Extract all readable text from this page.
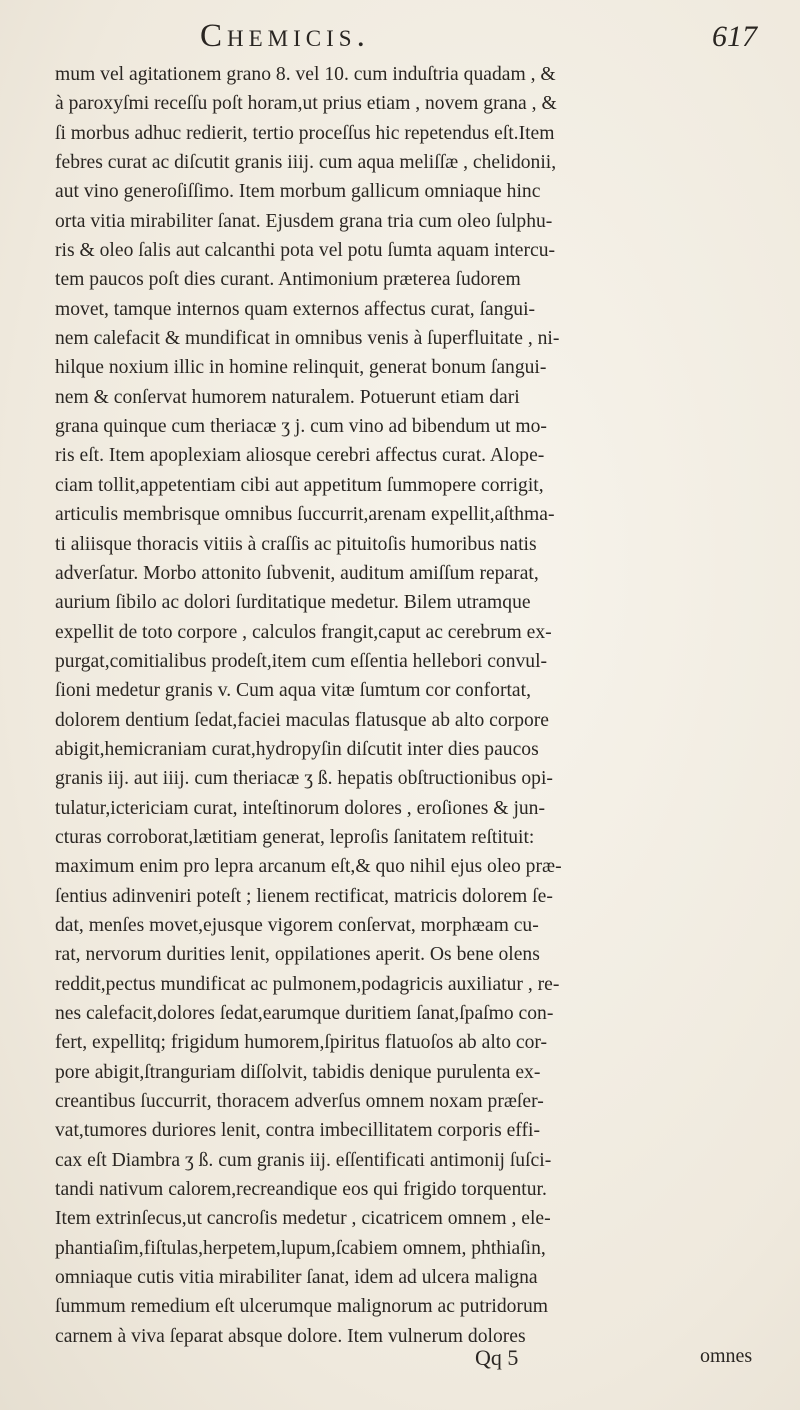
Chemicis.	617
mum vel agitationem grano 8. vel 10. cum induſtria quadam , &
à paroxyſmi receſſu poſt horam,ut prius etiam , novem grana , &
ſi morbus adhuc redierit, tertio proceſſus hic repetendus eſt.Item
febres curat ac diſcutit granis iiij. cum aqua meliſſæ , chelidonii,
aut vino generoſiſſimo. Item morbum gallicum omniaque hinc
orta vitia mirabiliter ſanat. Ejusdem grana tria cum oleo ſulphu-
ris & oleo ſalis aut calcanthi pota vel potu ſumta aquam intercu-
tem paucos poſt dies curant. Antimonium præterea ſudorem
movet, tamque internos quam externos affectus curat, ſangui-
nem calefacit & mundificat in omnibus venis à ſuperfluitate , ni-
hilque noxium illic in homine relinquit, generat bonum ſangui-
nem & conſervat humorem naturalem. Potuerunt etiam dari
grana quinque cum theriacæ ʒ j. cum vino ad bibendum ut mo-
ris eſt. Item apoplexiam aliosque cerebri affectus curat. Alope-
ciam tollit,appetentiam cibi aut appetitum ſummopere corrigit,
articulis membrisque omnibus ſuccurrit,arenam expellit,aſthma-
ti aliisque thoracis vitiis à craſſis ac pituitoſis humoribus natis
adverſatur. Morbo attonito ſubvenit, auditum amiſſum reparat,
aurium ſibilo ac dolori ſurditatique medetur. Bilem utramque
expellit de toto corpore , calculos frangit,caput ac cerebrum ex-
purgat,comitialibus prodeſt,item cum eſſentia hellebori convul-
ſioni medetur granis v. Cum aqua vitæ ſumtum cor confortat,
dolorem dentium ſedat,faciei maculas flatusque ab alto corpore
abigit,hemicraniam curat,hydropyſin diſcutit inter dies paucos
granis iij. aut iiij. cum theriacæ ʒ ß. hepatis obſtructionibus opi-
tulatur,ictericiam curat, inteſtinorum dolores , eroſiones & jun-
cturas corroborat,lætitiam generat, leproſis ſanitatem reſtituit:
maximum enim pro lepra arcanum eſt,& quo nihil ejus oleo præ-
ſentius adinveniri poteſt ; lienem rectificat, matricis dolorem ſe-
dat, menſes movet,ejusque vigorem conſervat, morphæam cu-
rat, nervorum durities lenit, oppilationes aperit. Os bene olens
reddit,pectus mundificat ac pulmonem,podagricis auxiliatur , re-
nes calefacit,dolores ſedat,earumque duritiem ſanat,ſpaſmo con-
fert, expellitq; frigidum humorem,ſpiritus flatuoſos ab alto cor-
pore abigit,ſtranguriam diſſolvit, tabidis denique purulenta ex-
creantibus ſuccurrit, thoracem adverſus omnem noxam præſer-
vat,tumores duriores lenit, contra imbecillitatem corporis effi-
cax eſt Diambra ʒ ß. cum granis iij. eſſentificati antimonij ſuſci-
tandi nativum calorem,recreandique eos qui frigido torquentur.
Item extrinſecus,ut cancroſis medetur , cicatricem omnem , ele-
phantiaſim,fiſtulas,herpetem,lupum,ſcabiem omnem, phthiaſin,
omniaque cutis vitia mirabiliter ſanat, idem ad ulcera maligna
ſummum remedium eſt ulcerumque malignorum ac putridorum
carnem à viva ſeparat absque dolore. Item vulnerum dolores
Qq 5	omnes
